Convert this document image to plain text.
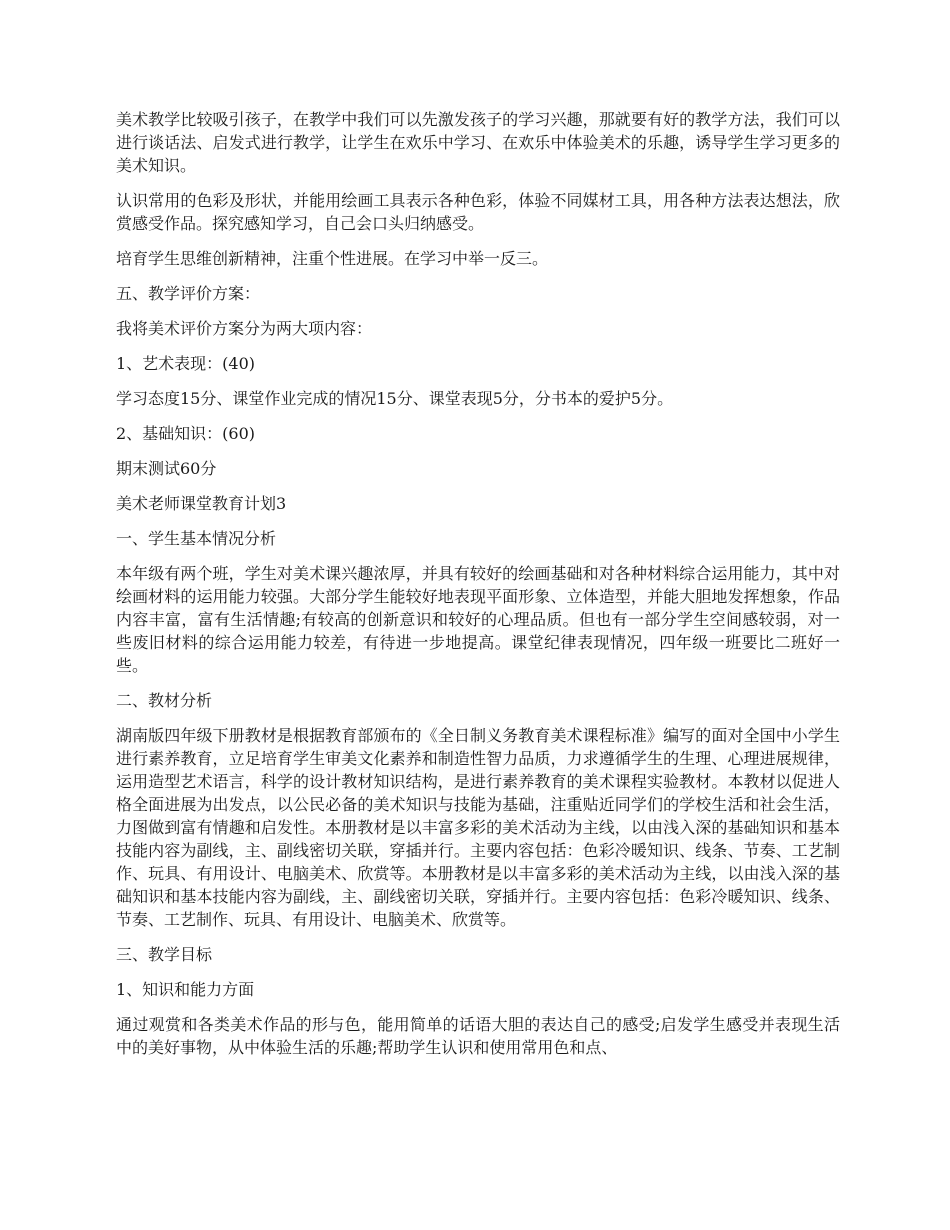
美术教学比较吸引孩子，在教学中我们可以先激发孩子的学习兴趣，那就要有好的教学方法，我们可以进行谈话法、启发式进行教学，让学生在欢乐中学习、在欢乐中体验美术的乐趣，诱导学生学习更多的美术知识。

认识常用的色彩及形状，并能用绘画工具表示各种色彩，体验不同媒材工具，用各种方法表达想法，欣赏感受作品。探究感知学习，自己会口头归纳感受。

培育学生思维创新精神，注重个性进展。在学习中举一反三。

五、教学评价方案：

我将美术评价方案分为两大项内容：

1、艺术表现：(40)

学习态度15分、课堂作业完成的情况15分、课堂表现5分，分书本的爱护5分。

2、基础知识：(60)

期末测试60分

美术老师课堂教育计划3

一、学生基本情况分析

本年级有两个班，学生对美术课兴趣浓厚，并具有较好的绘画基础和对各种材料综合运用能力，其中对绘画材料的运用能力较强。大部分学生能较好地表现平面形象、立体造型，并能大胆地发挥想象，作品内容丰富，富有生活情趣;有较高的创新意识和较好的心理品质。但也有一部分学生空间感较弱，对一些废旧材料的综合运用能力较差，有待进一步地提高。课堂纪律表现情况，四年级一班要比二班好一些。

二、教材分析

湖南版四年级下册教材是根据教育部颁布的《全日制义务教育美术课程标准》编写的面对全国中小学生进行素养教育，立足培育学生审美文化素养和制造性智力品质，力求遵循学生的生理、心理进展规律，运用造型艺术语言，科学的设计教材知识结构，是进行素养教育的美术课程实验教材。本教材以促进人格全面进展为出发点，以公民必备的美术知识与技能为基础，注重贴近同学们的学校生活和社会生活，力图做到富有情趣和启发性。本册教材是以丰富多彩的美术活动为主线，以由浅入深的基础知识和基本技能内容为副线，主、副线密切关联，穿插并行。主要内容包括：色彩冷暖知识、线条、节奏、工艺制作、玩具、有用设计、电脑美术、欣赏等。本册教材是以丰富多彩的美术活动为主线，以由浅入深的基础知识和基本技能内容为副线，主、副线密切关联，穿插并行。主要内容包括：色彩冷暖知识、线条、节奏、工艺制作、玩具、有用设计、电脑美术、欣赏等。

三、教学目标

1、知识和能力方面

通过观赏和各类美术作品的形与色，能用简单的话语大胆的表达自己的感受;启发学生感受并表现生活中的美好事物，从中体验生活的乐趣;帮助学生认识和使用常用色和点、
